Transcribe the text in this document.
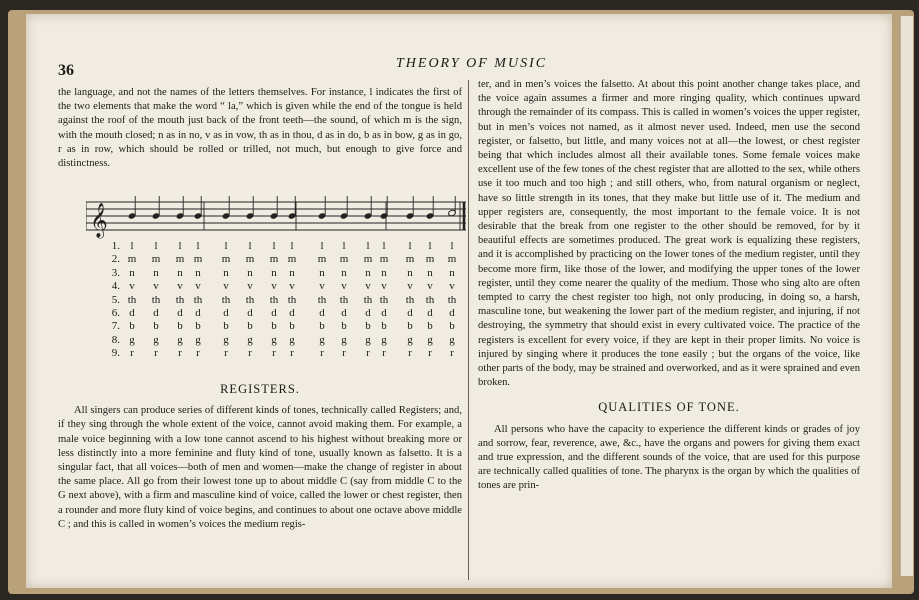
36	THEORY OF MUSIC

the language, and not the names of the letters themselves. For instance, l indicates the first of the two elements that make the word “ la,” which is given while the end of the tongue is held against the roof of the mouth just back of the front teeth—the sound, of which m is the sign, with the mouth closed; n as in no, v as in vow, th as in thou, d as in do, b as in bow, g as in go, r as in row, which should be rolled or trilled, not much, but enough to give force and distinctness.

𝄞
1. l l l l l l l l l l l l l l l
2. m m m m m m m m m m m m m m m
3. n n n n n n n n n n n n n n n
4. v v v v v v v v v v v v v v v
5. th th th th th th th th th th th th th th th
6. d d d d d d d d d d d d d d d
7. b b b b b b b b b b b b b b b
8. g g g g g g g g g g g g g g g
9. r r r r r r r r r r r r r r r
REGISTERS.

All singers can produce series of different kinds of tones, technically called Registers; and, if they sing through the whole extent of the voice, cannot avoid making them. For example, a male voice beginning with a low tone cannot ascend to his highest without breaking more or less distinctly into a more feminine and fluty kind of tone, usually known as falsetto. It is a singular fact, that all voices—both of men and women—make the change of register in about the same place. All go from their lowest tone up to about middle C (say from middle C to the G next above), with a firm and masculine kind of voice, called the lower or chest register, then a rounder and more fluty kind of voice begins, and continues to about one octave above middle C ; and this is called in women’s voices the medium regis-

ter, and in men’s voices the falsetto. At about this point another change takes place, and the voice again assumes a firmer and more ringing quality, which continues upward through the remainder of its compass. This is called in women’s voices the upper register, but in men’s voices not named, as it almost never used. Indeed, men use the second register, or falsetto, but little, and many voices not at all—the lowest, or chest register being that which includes almost all their available tones. Some female voices make excellent use of the few tones of the chest register that are allotted to the sex, while others use it too much and too high ; and still others, who, from natural organism or neglect, have so little strength in its tones, that they make but little use of it. The medium and upper registers are, consequently, the most important to the female voice. It is not desirable that the break from one register to the other should be removed, for by it beautiful effects are sometimes produced. The great work is equalizing these registers, and it is accomplished by practicing on the lower tones of the medium register, until they become more firm, like those of the lower, and modifying the upper tones of the lower register, until they come nearer the quality of the medium. Those who sing alto are often tempted to carry the chest register too high, not only producing, in doing so, a harsh, masculine tone, but weakening the lower part of the medium register, and injuring, if not destroying, the symmetry that should exist in every cultivated voice. The practice of the registers is excellent for every voice, if they are kept in their proper limits. No voice is injured by singing where it produces the tone easily ; but the organs of the voice, like other parts of the body, may be strained and overworked, and as it were sprained and even broken.

QUALITIES OF TONE.

All persons who have the capacity to experience the different kinds or grades of joy and sorrow, fear, reverence, awe, &c., have the organs and powers for giving them exact and true expression, and the different sounds of the voice, that are used for this purpose are technically called qualities of tone. The pharynx is the organ by which the qualities of tones are prin-
